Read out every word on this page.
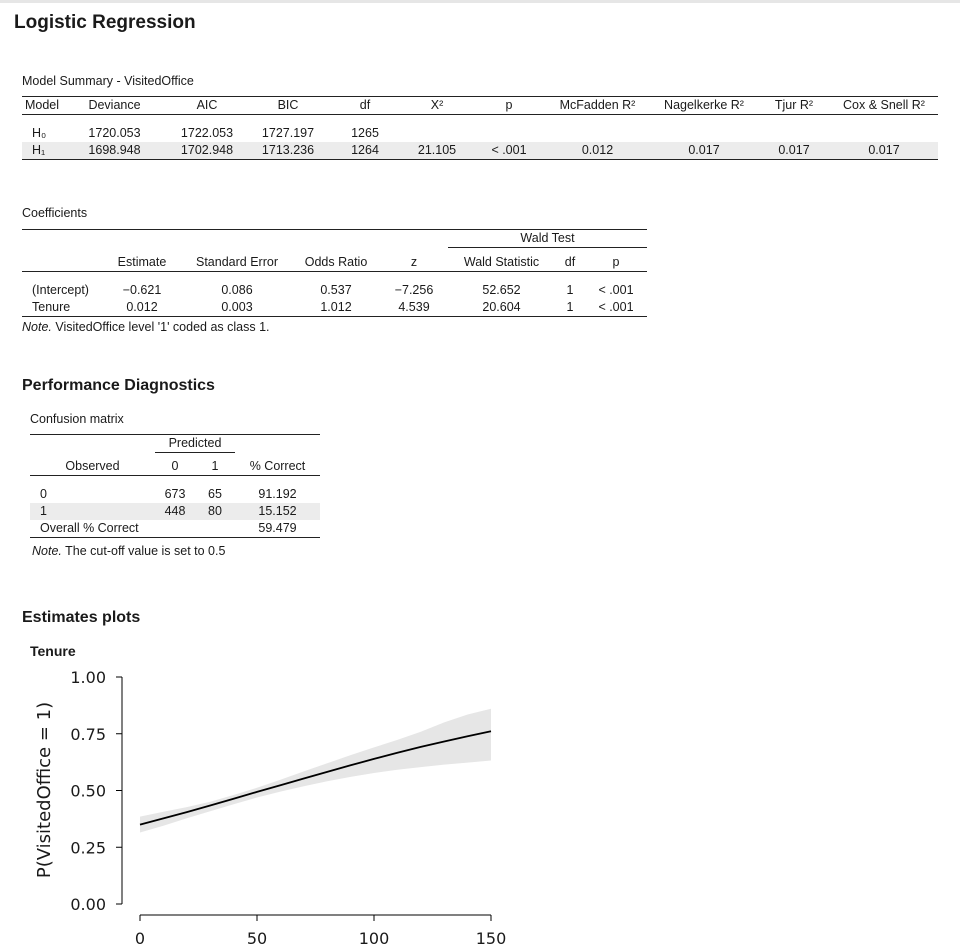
Logistic Regression
Model Summary - VisitedOffice
Model	Deviance	AIC	BIC	df	X²	p	McFadden R²	Nagelkerke R²	Tjur R²	Cox & Snell R²

H₀	1720.053	1722.053	1727.197	1265						
H₁	1698.948	1702.948	1713.236	1264	21.105	< .001	0.012	0.017	0.017	0.017
Coefficients
					Wald Test		

	Estimate	Standard Error	Odds Ratio	z	Wald Statistic	df	p

(Intercept)	−0.621	0.086	0.537	−7.256	52.652	1	< .001
Tenure	0.012	0.003	1.012	4.539	20.604	1	< .001
Note. VisitedOffice level '1' coded as class 1.
Performance Diagnostics
Confusion matrix
	Predicted		

Observed	0	1	% Correct

0	673	65	91.192
1	448	80	15.152
Overall % Correct			59.479
Note. The cut-off value is set to 0.5
Estimates plots
Tenure
0.00
0.25
0.50
0.75
1.00
0	50	100	150
P(VisitedOffice = 1)
